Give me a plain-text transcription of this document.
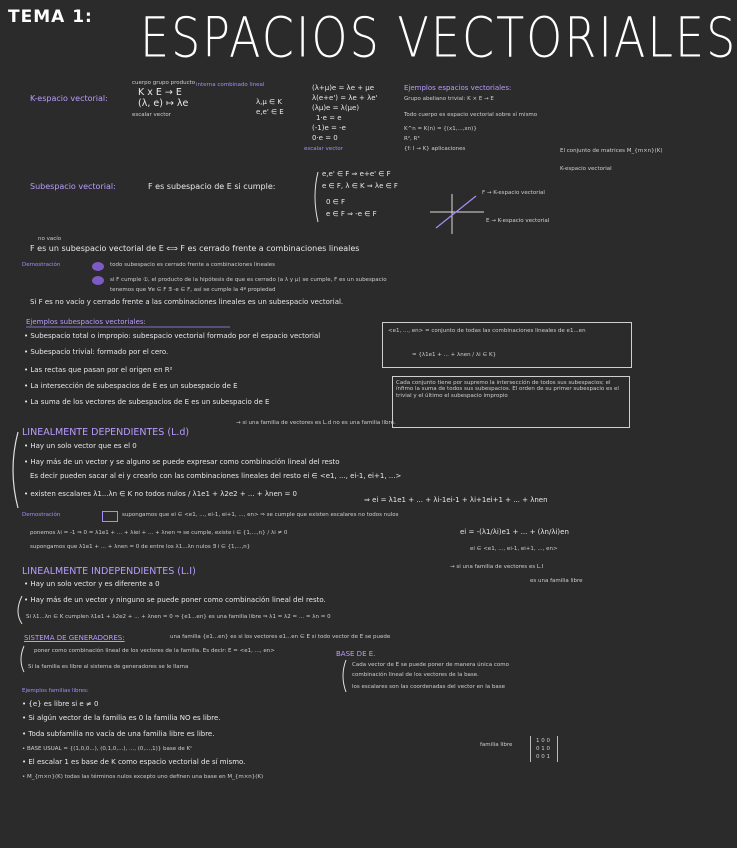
TEMA 1: ESPACIOS VECTORIALES
K-espacio vectorial:
cuerpo grupo producto
K x E → E
(λ, e) ↦ λe
escalar vector
interna combinado lineal
λ,μ ∈ K
e,e' ∈ E
(λ+μ)e = λe + μe
λ(e+e') = λe + λe'
(λμ)e = λ(μe)
1·e = e
(-1)e = -e
0·e = 0
escalar vector
Ejemplos espacios vectoriales:
Grupo abeliano trivial: K × E → E
Todo cuerpo es espacio vectorial sobre sí mismo
K^n = K(n) = {(x1,...,xn)}
R², R³
{f: I → K} aplicaciones	El conjunto de matrices M_{m×n}(K)
K-espacio vectorial
Subespacio vectorial:	F es subespacio de E si cumple:
e,e' ∈ F ⇒ e+e' ∈ F
e ∈ F, λ ∈ K ⇒ λe ∈ F
0 ∈ F
e ∈ F ⇒ -e ∈ F
F → K-espacio vectorial
E → K-espacio vectorial
no vacío
F es un subespacio vectorial de E ⟺ F es cerrado frente a combinaciones lineales
Demostración	todo subespacio es cerrado frente a combinaciones lineales
si F cumple ①, el producto de la hipótesis de que es cerrado (a λ y μ) se cumple, F es un subespacio
tenemos que ∀e ∈ F ∃ -e ∈ F, así se cumple la 4ª propiedad
Si F es no vacío y cerrado frente a las combinaciones lineales es un subespacio vectorial.
Ejemplos subespacios vectoriales:
• Subespacio total o impropio: subespacio vectorial formado por el espacio vectorial
• Subespacio trivial: formado por el cero.
• Las rectas que pasan por el origen en R²
• La intersección de subespacios de E es un subespacio de E
• La suma de los vectores de subespacios de E es un subespacio de E
<e1, ..., en> = conjunto de todas las combinaciones lineales de e1...en
= {λ1e1 + ... + λnen / λi ∈ K}
Cada conjunto tiene por supremo la intersección de todos sus subespacios; el ínfimo la suma de todos sus subespacios. El orden de su primer subespacio es el trivial y el último el subespacio impropio
LINEALMENTE DEPENDIENTES (L.d)
→ si una familia de vectores es L.d no es una familia libre.
• Hay un solo vector que es el 0
• Hay más de un vector y se alguno se puede expresar como combinación lineal del resto
Es decir pueden sacar al ei y crearlo con las combinaciones lineales del resto ei ∈ <e1, ..., ei-1, ei+1, ...>
• existen escalares λ1...λn ∈ K no todos nulos / λ1e1 + λ2e2 + ... + λnen = 0
⇒ ei = λ1e1 + ... + λi-1ei-1 + λi+1ei+1 + ... + λnen
Demostración	supongamos que ei ∈ <e1, ..., ei-1, ei+1, ..., en> ⇒ se cumple que existen escalares no todos nulos
ponemos λi = -1 ⇒ 0 = λ1e1 + ... + λiei + ... + λnen ⇒ se cumple, existe i ∈ {1,...,n} / λi ≠ 0
supongamos que λ1e1 + ... + λnen = 0 de entre los λ1...λn nulos ∃ i ∈ {1,...,n}
ei = -(λ1/λi)e1 + ... + (λn/λi)en
ei ∈ <e1, ..., ei-1, ei+1, ..., en>
LINEALMENTE INDEPENDIENTES (L.I)	→ si una familia de vectores es L.I
es una familia libre
• Hay un solo vector y es diferente a 0
• Hay más de un vector y ninguno se puede poner como combinación lineal del resto.
Si λ1...λn ∈ K cumplen λ1e1 + λ2e2 + ... + λnen = 0 ⇒ {e1...en} es una familia libre ⇒ λ1 = λ2 = ... = λn = 0
SISTEMA DE GENERADORES:	una familia {e1...en} es si los vectores e1...en ∈ E si todo vector de E se puede
poner como combinación lineal de los vectores de la familia. Es decir: E = <e1, ..., en>
Si la familia es libre al sistema de generadores se le llama
BASE DE E.
Cada vector de E se puede poner de manera única como
combinación lineal de los vectores de la base.
los escalares son las coordenadas del vector en la base
Ejemplos familias libres:
• {e} es libre si e ≠ 0
• Si algún vector de la familia es 0 la familia NO es libre.
• Toda subfamilia no vacía de una familia libre es libre.
• BASE USUAL = {(1,0,0...), (0,1,0,...), ..., (0,...,1)} base de Kⁿ
• El escalar 1 es base de K como espacio vectorial de sí mismo.
• M_{m×n}(K) todas las términos nulos excepto uno definen una base en M_{m×n}(K)
familia libre
1 0 0
0 1 0
0 0 1
